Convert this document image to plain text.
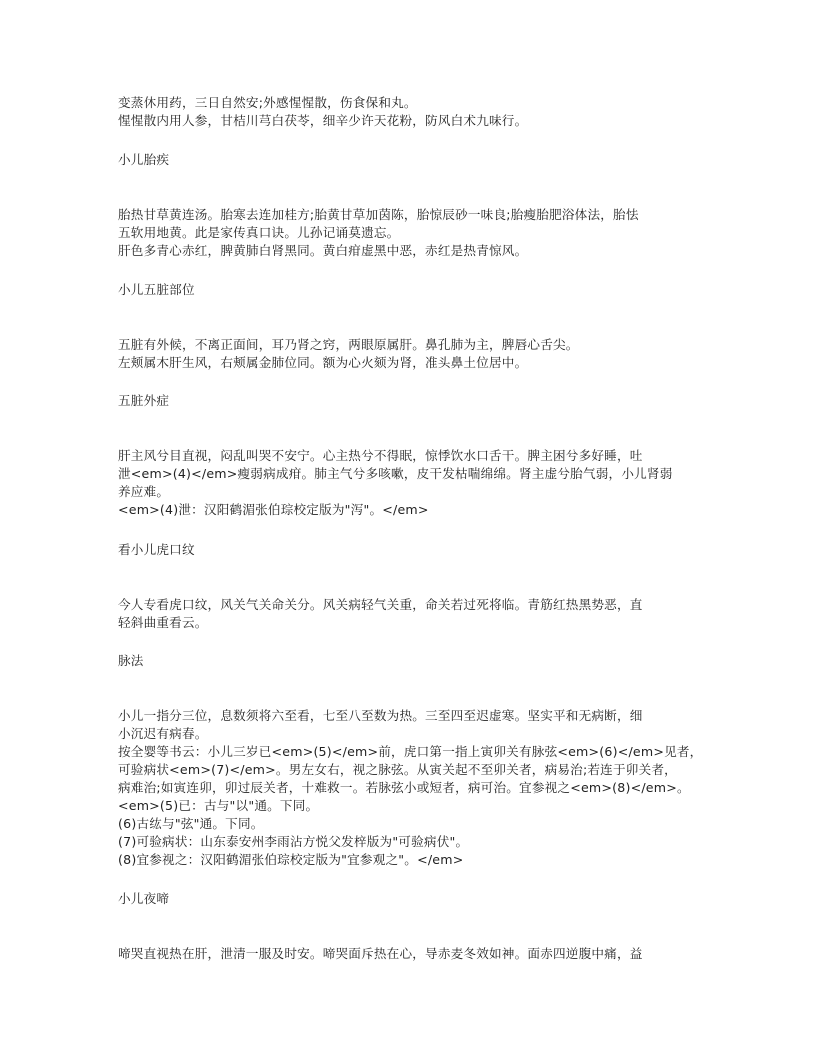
变蒸休用药，三日自然安;外感惺惺散，伤食保和丸。
惺惺散内用人参，甘桔川芎白茯苓，细辛少许天花粉，防风白术九味行。
小儿胎疾
胎热甘草黄连汤。胎寒去连加桂方;胎黄甘草加茵陈，胎惊辰砂一味良;胎瘦胎肥浴体法，胎怯
五软用地黄。此是家传真口诀。儿孙记诵莫遗忘。
肝色多青心赤红，脾黄肺白肾黑同。黄白疳虚黑中恶，赤红是热青惊风。
小儿五脏部位
五脏有外候，不离正面间，耳乃肾之窍，两眼原属肝。鼻孔肺为主，脾唇心舌尖。
左颊属木肝生风，右颊属金肺位同。额为心火颏为肾，准头鼻土位居中。
五脏外症
肝主风兮目直视，闷乱叫哭不安宁。心主热兮不得眠，惊悸饮水口舌干。脾主困兮多好睡，吐
泄<em>(4)</em>瘦弱病成疳。肺主气兮多咳嗽，皮干发枯喘绵绵。肾主虚兮胎气弱，小儿肾弱
养应难。
<em>(4)泄：汉阳鹤湄张伯琮校定版为"泻"。</em>
看小儿虎口纹
今人专看虎口纹，风关气关命关分。风关病轻气关重，命关若过死将临。青筋红热黑势恶，直
轻斜曲重看云。
脉法
小儿一指分三位，息数须将六至看，七至八至数为热。三至四至迟虚寒。坚实平和无病断，细
小沉迟有病春。
按全婴等书云：小儿三岁已<em>(5)</em>前，虎口第一指上寅卯关有脉弦<em>(6)</em>见者，
可验病状<em>(7)</em>。男左女右，视之脉弦。从寅关起不至卯关者，病易治;若连于卯关者，
病难治;如寅连卯，卯过辰关者，十难救一。若脉弦小或短者，病可治。宜参视之<em>(8)</em>。
<em>(5)已：古与"以"通。下同。
(6)古纮与"弦"通。下同。
(7)可验病状：山东泰安州李雨沾方悦父发梓版为"可验病伏"。
(8)宜参视之：汉阳鹤湄张伯琮校定版为"宜参观之"。</em>
小儿夜啼
啼哭直视热在肝，泄清一服及时安。啼哭面斥热在心，导赤麦冬效如神。面赤四逆腹中痛，益
